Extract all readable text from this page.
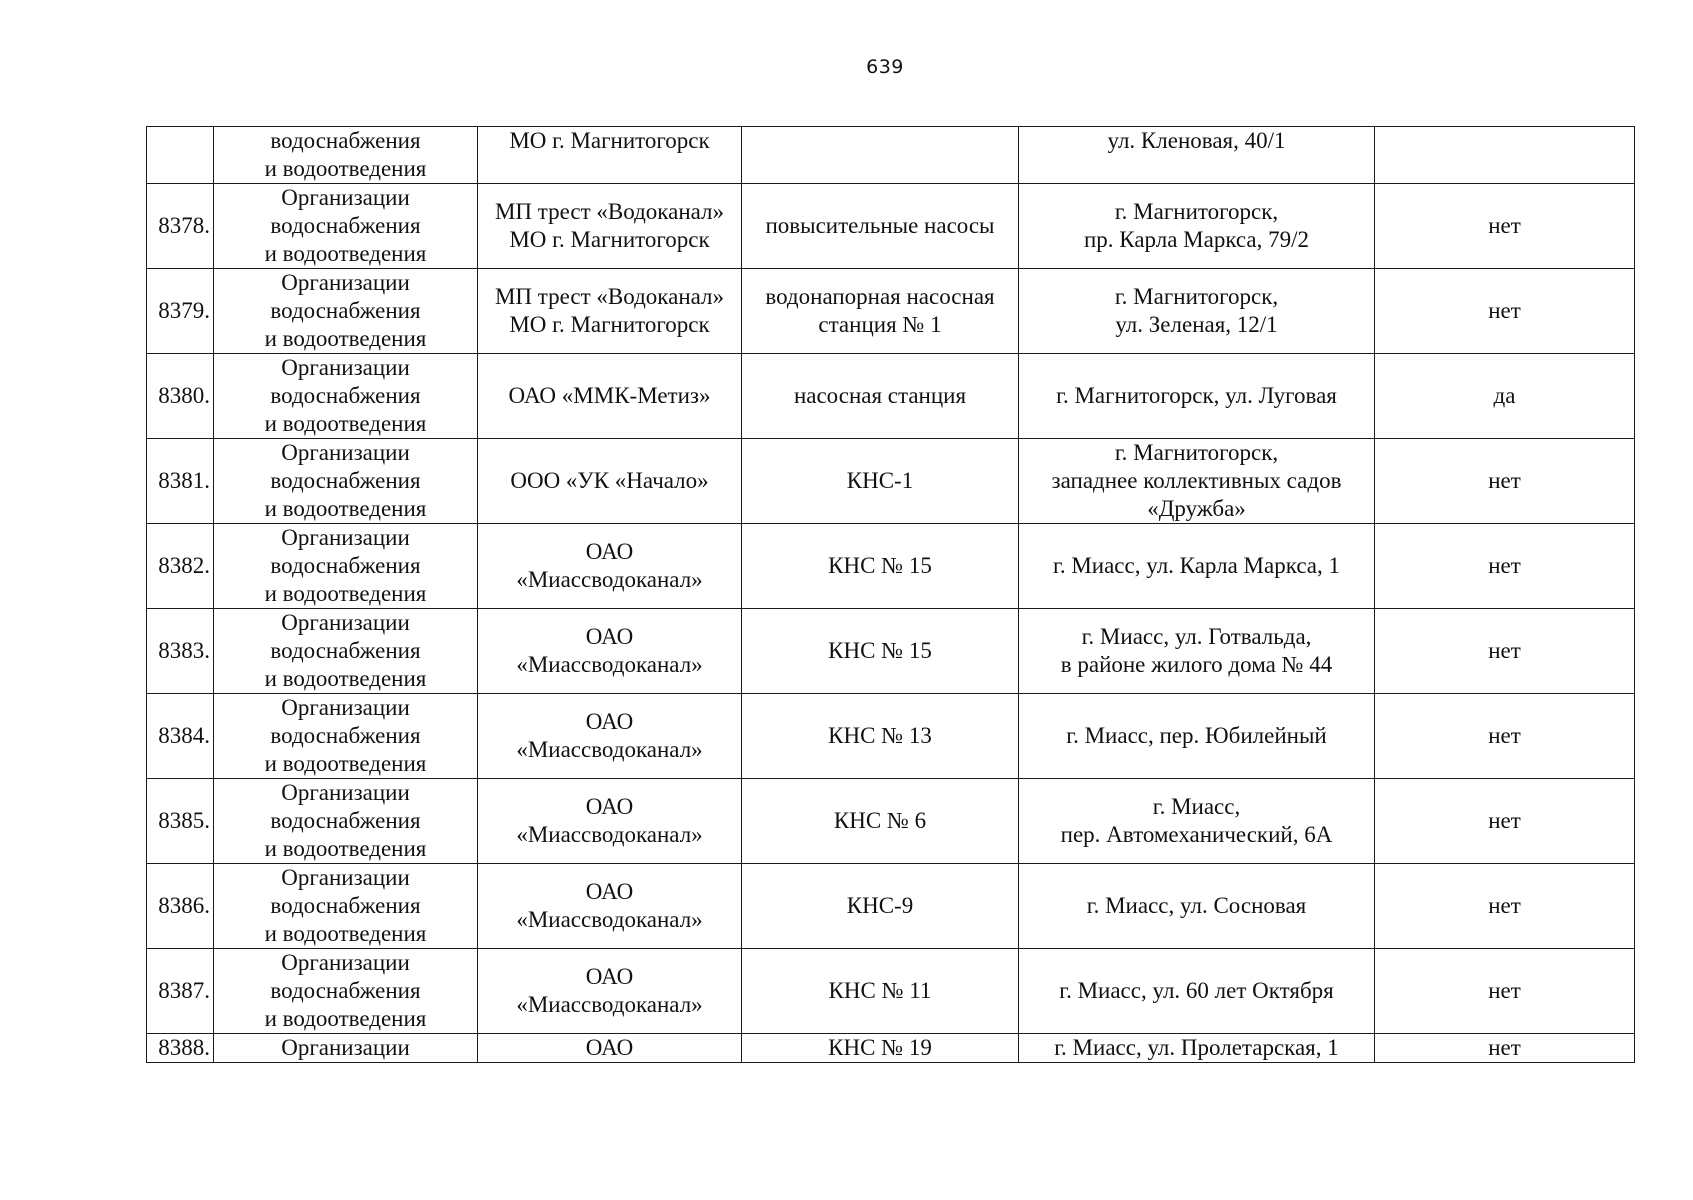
639

	водоснабжения
и водоотведения	МО г. Магнитогорск		ул. Кленовая, 40/1	

8378.	Организации
водоснабжения
и водоотведения	МП трест «Водоканал»
МО г. Магнитогорск	повысительные насосы	г. Магнитогорск,
пр. Карла Маркса, 79/2	нет
8379.	Организации
водоснабжения
и водоотведения	МП трест «Водоканал»
МО г. Магнитогорск	водонапорная насосная
станция № 1	г. Магнитогорск,
ул. Зеленая, 12/1	нет
8380.	Организации
водоснабжения
и водоотведения	ОАО «ММК-Метиз»	насосная станция	г. Магнитогорск, ул. Луговая	да
8381.	Организации
водоснабжения
и водоотведения	ООО «УК «Начало»	КНС-1	г. Магнитогорск,
западнее коллективных садов
«Дружба»	нет
8382.	Организации
водоснабжения
и водоотведения	ОАО
«Миассводоканал»	КНС № 15	г. Миасс, ул. Карла Маркса, 1	нет
8383.	Организации
водоснабжения
и водоотведения	ОАО
«Миассводоканал»	КНС № 15	г. Миасс, ул. Готвальда,
в районе жилого дома № 44	нет
8384.	Организации
водоснабжения
и водоотведения	ОАО
«Миассводоканал»	КНС № 13	г. Миасс, пер. Юбилейный	нет
8385.	Организации
водоснабжения
и водоотведения	ОАО
«Миассводоканал»	КНС № 6	г. Миасс,
пер. Автомеханический, 6А	нет
8386.	Организации
водоснабжения
и водоотведения	ОАО
«Миассводоканал»	КНС-9	г. Миасс, ул. Сосновая	нет
8387.	Организации
водоснабжения
и водоотведения	ОАО
«Миассводоканал»	КНС № 11	г. Миасс, ул. 60 лет Октября	нет
8388.	Организации	ОАО	КНС № 19	г. Миасс, ул. Пролетарская, 1	нет
